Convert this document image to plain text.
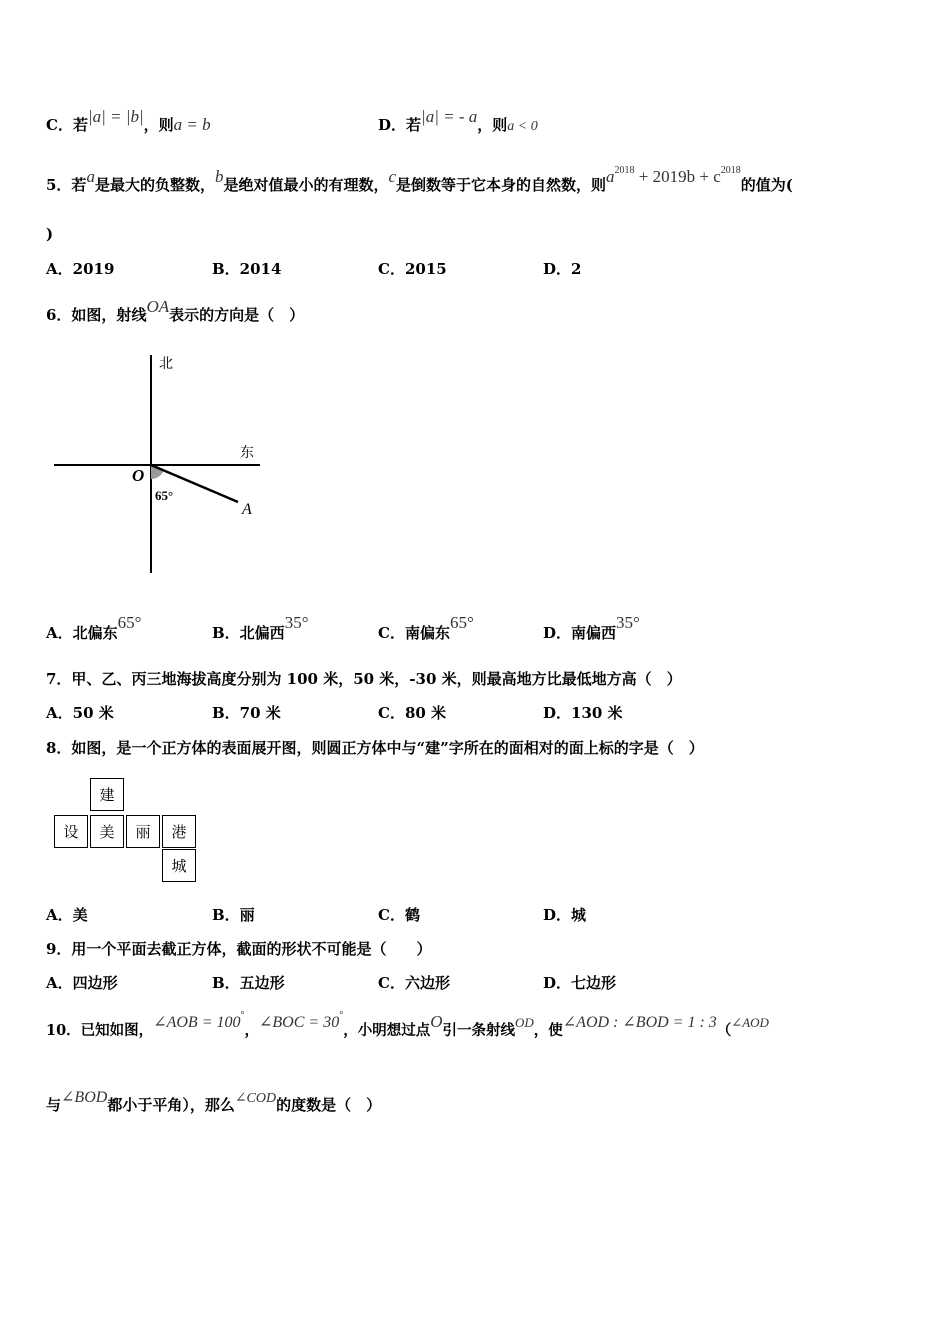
C．若|a| = |b|，则a = b	D．若|a| = - a，则a < 0
5．若a是最大的负整数，b是绝对值最小的有理数，c是倒数等于它本身的自然数，则$a^{2018} + 2019b + c^{2018}$的值为(
)
A．2019	B．2014	C．2015	D．2
6．如图，射线OA表示的方向是（　）
北
东
O
65°
A
A．北偏东65°
B．北偏西35°
C．南偏东65°
D．南偏西35°
7．甲、乙、丙三地海拔高度分别为 100 米，50 米，-30 米，则最高地方比最低地方高（　）
A．50 米	B．70 米	C．80 米	D．130 米
8．如图，是一个正方体的表面展开图，则圆正方体中与“建”字所在的面相对的面上标的字是（　）
建
设	美	丽	港
城
A．美	B．丽	C．鹤	D．城
9．用一个平面去截正方体，截面的形状不可能是（　　）
A．四边形	B．五边形	C．六边形	D．七边形
10．已知如图，∠AOB = 100°，∠BOC = 30°，小明想过点O引一条射线OD，使∠AOD : ∠BOD = 1 : 3（∠AOD
与∠BOD都小于平角），那么∠COD的度数是（　）
